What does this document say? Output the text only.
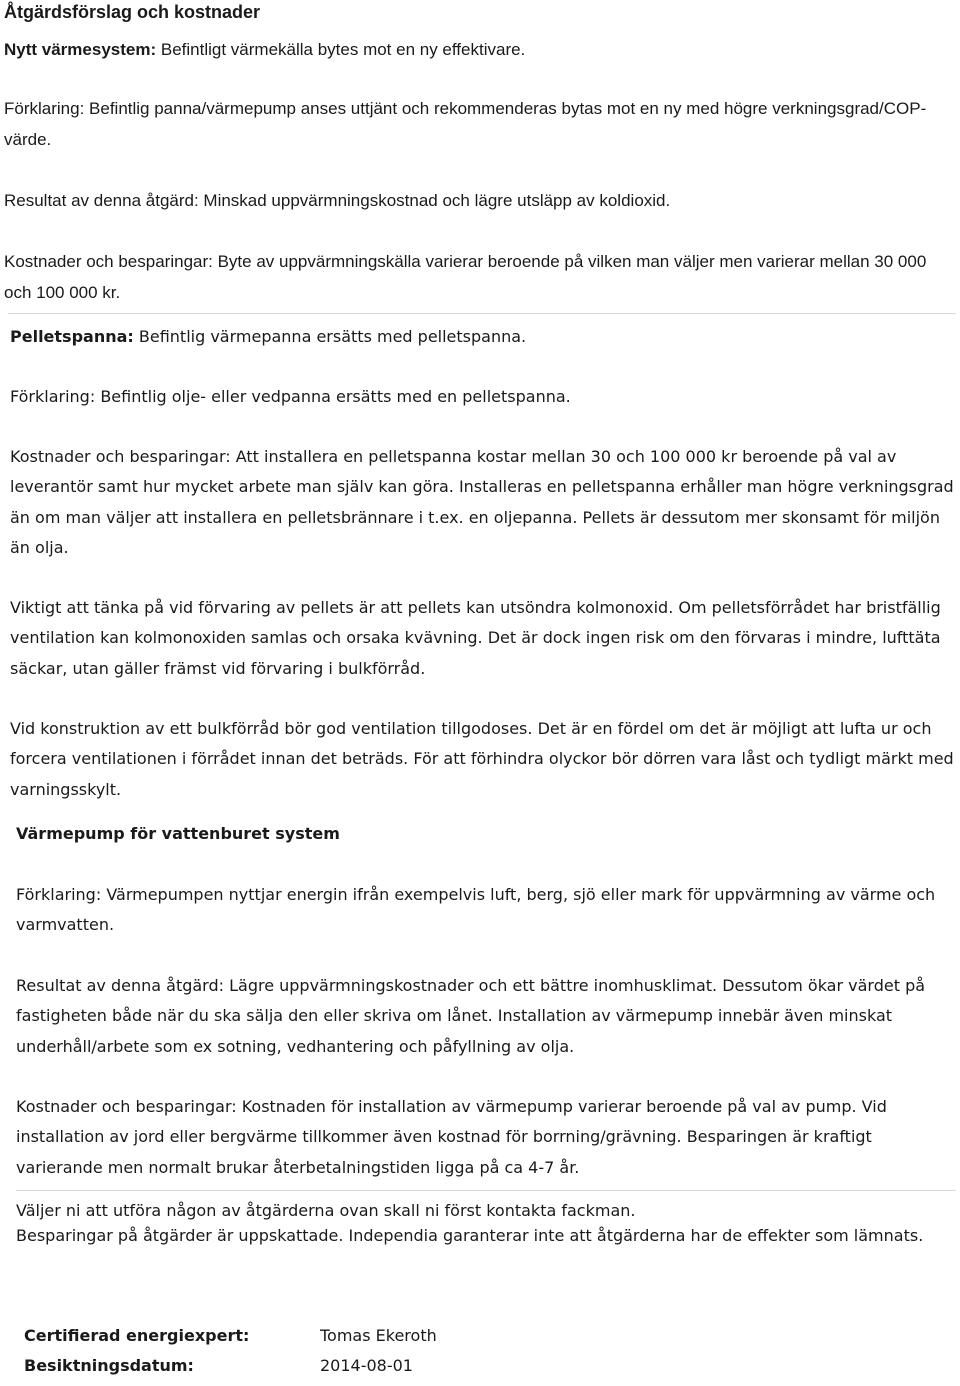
Åtgärdsförslag och kostnader
Nytt värmesystem: Befintligt värmekälla bytes mot en ny effektivare.
Förklaring: Befintlig panna/värmepump anses uttjänt och rekommenderas bytas mot en ny med högre verkningsgrad/COP-värde.
Resultat av denna åtgärd: Minskad uppvärmningskostnad och lägre utsläpp av koldioxid.
Kostnader och besparingar: Byte av uppvärmningskälla varierar beroende på vilken man väljer men varierar mellan 30 000 och 100 000 kr.
Pelletspanna: Befintlig värmepanna ersätts med pelletspanna.
Förklaring: Befintlig olje- eller vedpanna ersätts med en pelletspanna.
Kostnader och besparingar: Att installera en pelletspanna kostar mellan 30 och 100 000 kr beroende på val av leverantör samt hur mycket arbete man själv kan göra. Installeras en pelletspanna erhåller man högre verkningsgrad än om man väljer att installera en pelletsbrännare i t.ex. en oljepanna. Pellets är dessutom mer skonsamt för miljön än olja.
Viktigt att tänka på vid förvaring av pellets är att pellets kan utsöndra kolmonoxid. Om pelletsförrådet har bristfällig ventilation kan kolmonoxiden samlas och orsaka kvävning. Det är dock ingen risk om den förvaras i mindre, lufttäta säckar, utan gäller främst vid förvaring i bulkförråd.
Vid konstruktion av ett bulkförråd bör god ventilation tillgodoses. Det är en fördel om det är möjligt att lufta ur och forcera ventilationen i förrådet innan det beträds. För att förhindra olyckor bör dörren vara låst och tydligt märkt med varningsskylt.
Värmepump för vattenburet system
Förklaring: Värmepumpen nyttjar energin ifrån exempelvis luft, berg, sjö eller mark för uppvärmning av värme och varmvatten.
Resultat av denna åtgärd: Lägre uppvärmningskostnader och ett bättre inomhusklimat. Dessutom ökar värdet på fastigheten både när du ska sälja den eller skriva om lånet. Installation av värmepump innebär även minskat underhåll/arbete som ex sotning, vedhantering och påfyllning av olja.
Kostnader och besparingar: Kostnaden för installation av värmepump varierar beroende på val av pump. Vid installation av jord eller bergvärme tillkommer även kostnad för borrning/grävning. Besparingen är kraftigt varierande men normalt brukar återbetalningstiden ligga på ca 4-7 år.
Väljer ni att utföra någon av åtgärderna ovan skall ni först kontakta fackman.
Besparingar på åtgärder är uppskattade. Independia garanterar inte att åtgärderna har de effekter som lämnats.
Certifierad energiexpert:	Tomas Ekeroth
Besiktningsdatum:	2014-08-01
